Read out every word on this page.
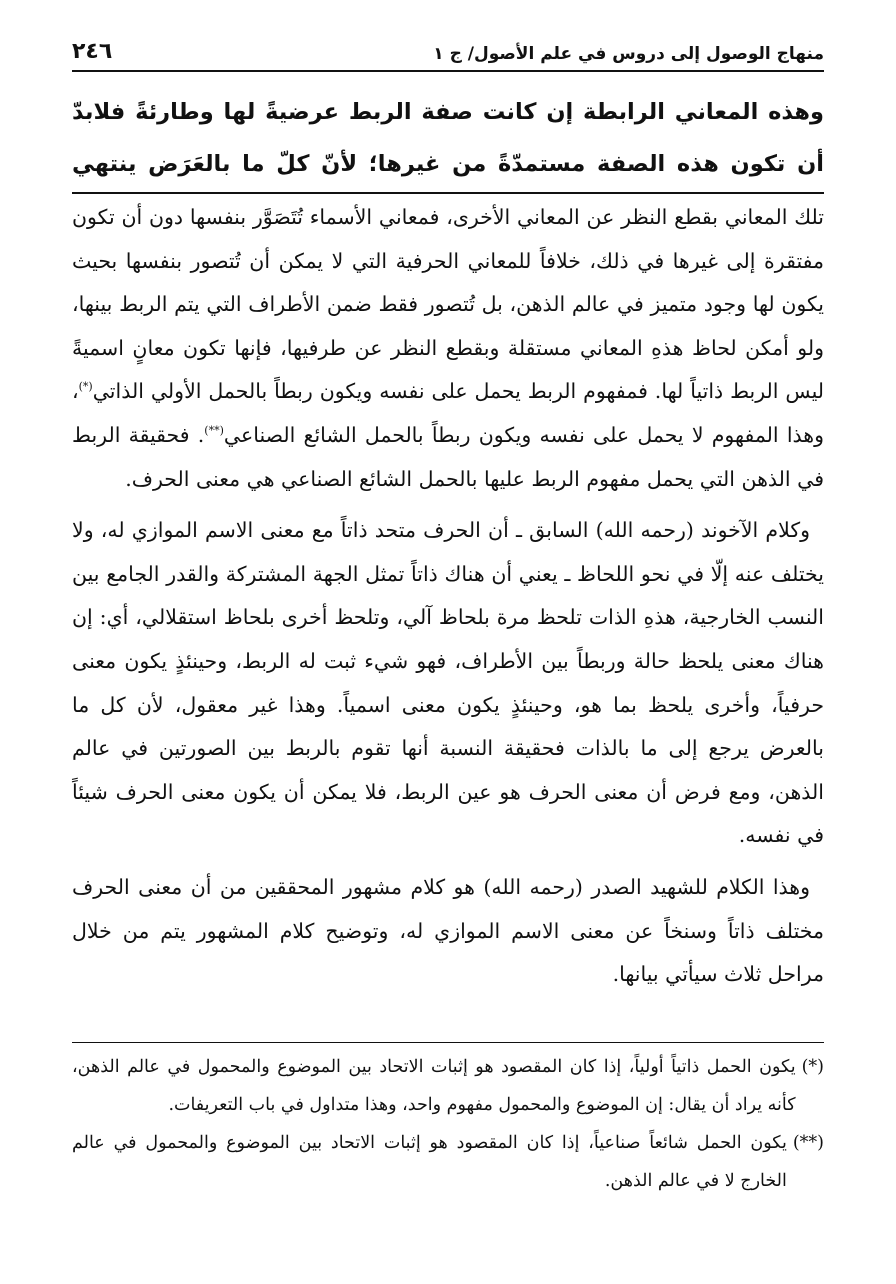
منهاج الوصول إلى دروس في علم الأصول/ ج ١
٢٤٦
وهذه المعاني الرابطة إن كانت صفة الربط عرضيةً لها وطارئةً فلابدّ أن تكون هذه الصفة مستمدّةً من غيرها؛ لأنّ كلّ ما بالعَرَض ينتهي

تلك المعاني بقطع النظر عن المعاني الأخرى، فمعاني الأسماء تُتَصَوَّر بنفسها دون أن تكون مفتقرة إلى غيرها في ذلك، خلافاً للمعاني الحرفية التي لا يمكن أن تُتصور بنفسها بحيث يكون لها وجود متميز في عالم الذهن، بل تُتصور فقط ضمن الأطراف التي يتم الربط بينها، ولو أمكن لحاظ هذهِ المعاني مستقلة وبقطع النظر عن طرفيها، فإنها تكون معانٍ اسميةً ليس الربط ذاتياً لها. فمفهوم الربط يحمل على نفسه ويكون ربطاً بالحمل الأولي الذاتي(*)، وهذا المفهوم لا يحمل على نفسه ويكون ربطاً بالحمل الشائع الصناعي(**). فحقيقة الربط في الذهن التي يحمل مفهوم الربط عليها بالحمل الشائع الصناعي هي معنى الحرف.

وكلام الآخوند (رحمه الله) السابق ـ أن الحرف متحد ذاتاً مع معنى الاسم الموازي له، ولا يختلف عنه إلّا في نحو اللحاظ ـ يعني أن هناك ذاتاً تمثل الجهة المشتركة والقدر الجامع بين النسب الخارجية، هذهِ الذات تلحظ مرة بلحاظ آلي، وتلحظ أخرى بلحاظ استقلالي، أي: إن هناك معنى يلحظ حالة وربطاً بين الأطراف، فهو شيء ثبت له الربط، وحينئذٍ يكون معنى حرفياً، وأخرى يلحظ بما هو، وحينئذٍ يكون معنى اسمياً. وهذا غير معقول، لأن كل ما بالعرض يرجع إلى ما بالذات فحقيقة النسبة أنها تقوم بالربط بين الصورتين في عالم الذهن، ومع فرض أن معنى الحرف هو عين الربط، فلا يمكن أن يكون معنى الحرف شيئاً في نفسه.

وهذا الكلام للشهيد الصدر (رحمه الله) هو كلام مشهور المحققين من أن معنى الحرف مختلف ذاتاً وسنخاً عن معنى الاسم الموازي له، وتوضيح كلام المشهور يتم من خلال مراحل ثلاث سيأتي بيانها.

(*)
يكون الحمل ذاتياً أولياً، إذا كان المقصود هو إثبات الاتحاد بين الموضوع والمحمول في عالم الذهن، كأنه يراد أن يقال: إن الموضوع والمحمول مفهوم واحد، وهذا متداول في باب التعريفات.
(**)
يكون الحمل شائعاً صناعياً، إذا كان المقصود هو إثبات الاتحاد بين الموضوع والمحمول في عالم الخارج لا في عالم الذهن.
